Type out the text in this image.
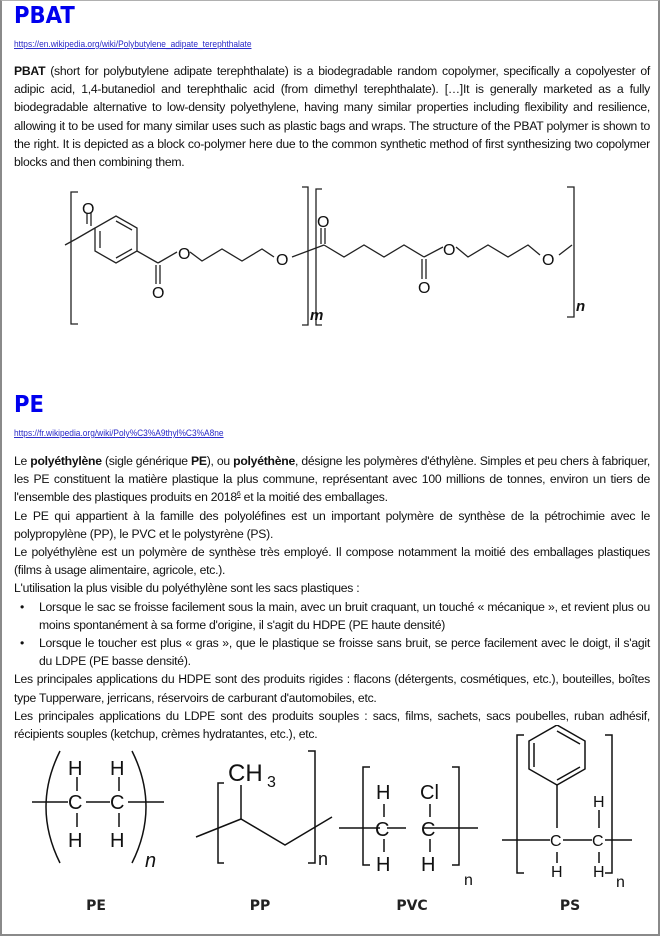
PBAT
https://en.wikipedia.org/wiki/Polybutylene_adipate_terephthalate

PBAT (short for polybutylene adipate terephthalate) is a biodegradable random copolymer, specifically a copolyester of adipic acid, 1,4-butanediol and terephthalic acid (from dimethyl terephthalate). […]It is generally marketed as a fully biodegradable alternative to low-density polyethylene, having many similar properties including flexibility and resilience, allowing it to be used for many similar uses such as plastic bags and wraps. The structure of the PBAT polymer is shown to the right. It is depicted as a block co-polymer here due to the common synthetic method of first synthesizing two copolymer blocks and then combining them.

O
O
O	O
O
O
O
O
m
n
PE
https://fr.wikipedia.org/wiki/Poly%C3%A9thyl%C3%A8ne

Le polyéthylène (sigle générique PE), ou polyéthène, désigne les polymères d'éthylène. Simples et peu chers à fabriquer, les PE constituent la matière plastique la plus commune, représentant avec 100 millions de tonnes, environ un tiers de l'ensemble des plastiques produits en 2018$^6$ et la moitié des emballages.

Le PE qui appartient à la famille des polyoléfines est un important polymère de synthèse de la pétrochimie avec le polypropylène (PP), le PVC et le polystyrène (PS).

Le polyéthylène est un polymère de synthèse très employé. Il compose notamment la moitié des emballages plastiques (films à usage alimentaire, agricole, etc.).

L'utilisation la plus visible du polyéthylène sont les sacs plastiques :

• Lorsque le sac se froisse facilement sous la main, avec un bruit craquant, un touché « mécanique », et revient plus ou moins spontanément à sa forme d'origine, il s'agit du HDPE (PE haute densité)
• Lorsque le toucher est plus « gras », que le plastique se froisse sans bruit, se perce facilement avec le doigt, il s'agit du LDPE (PE basse densité).

Les principales applications du HDPE sont des produits rigides : flacons (détergents, cosmétiques, etc.), bouteilles, boîtes type Tupperware, jerricans, réservoirs de carburant d'automobiles, etc.

Les principales applications du LDPE sont des produits souples : sacs, films, sachets, sacs poubelles, ruban adhésif, récipients souples (ketchup, crèmes hydratantes, etc.), etc.

H H
C C
H H
n
CH 3
n
H Cl
C C
H H
n
C C
H
H H
n
PE	PP	PVC	PS
